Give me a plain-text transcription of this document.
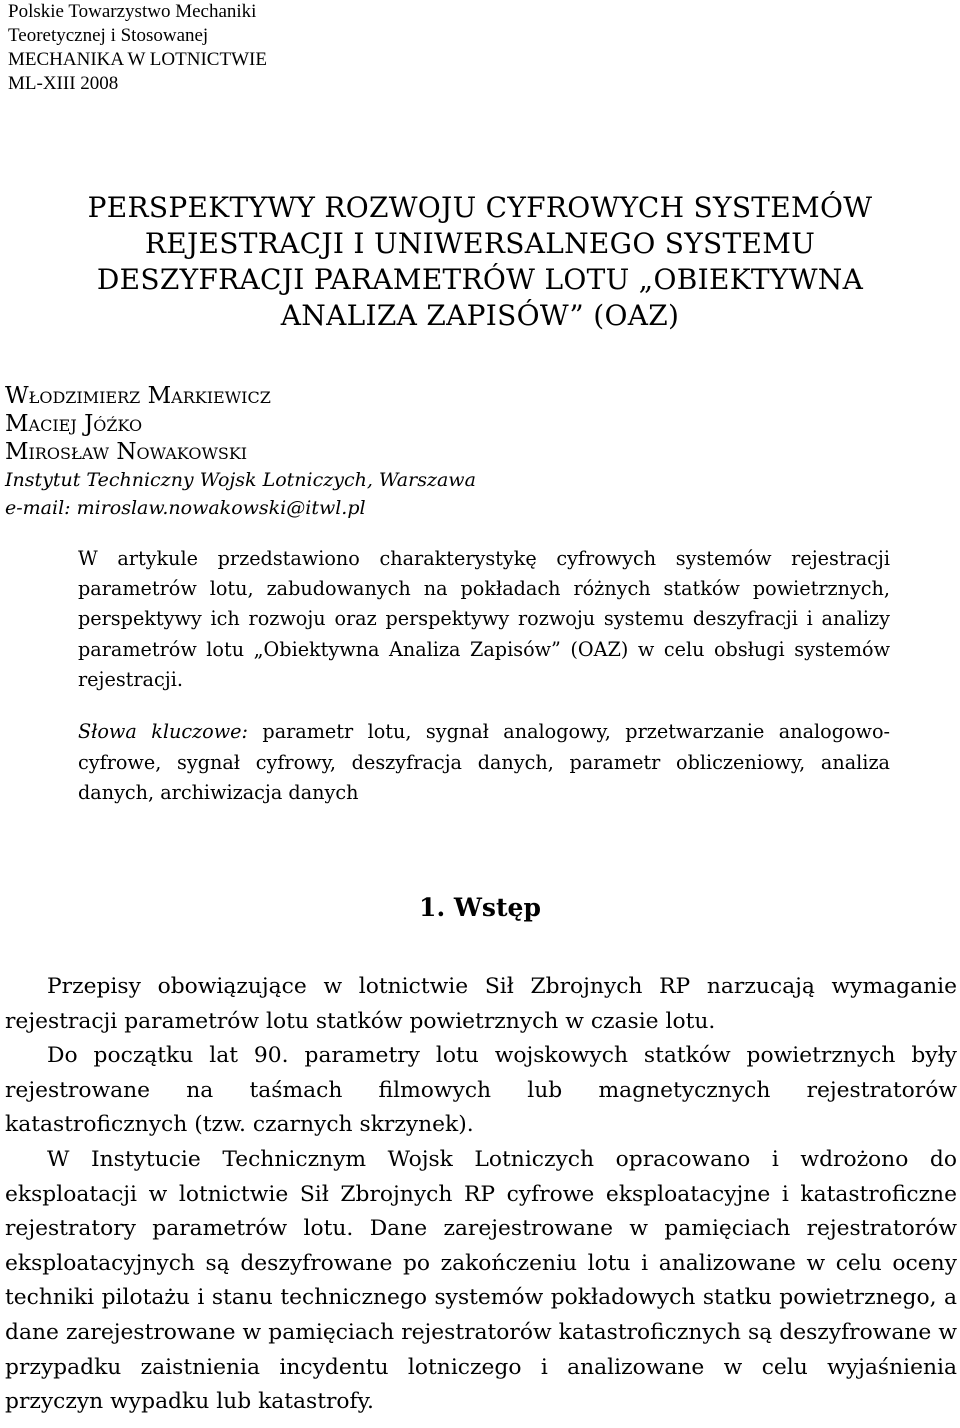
Polskie Towarzystwo Mechaniki
Teoretycznej i Stosowanej
MECHANIKA W LOTNICTWIE
ML-XIII 2008
PERSPEKTYWY ROZWOJU CYFROWYCH SYSTEMÓW
REJESTRACJI I UNIWERSALNEGO SYSTEMU
DESZYFRACJI PARAMETRÓW LOTU „OBIEKTYWNA
ANALIZA ZAPISÓW” (OAZ)
Włodzimierz Markiewicz
Maciej Jóźko
Mirosław Nowakowski
Instytut Techniczny Wojsk Lotniczych, Warszawa
e-mail: miroslaw.nowakowski@itwl.pl
W artykule przedstawiono charakterystykę cyfrowych systemów rejestracji parametrów lotu, zabudowanych na pokładach różnych statków powietrznych, perspektywy ich rozwoju oraz perspektywy rozwoju systemu deszyfracji i analizy parametrów lotu „Obiektywna Analiza Zapisów” (OAZ) w celu obsługi systemów rejestracji.
Słowa kluczowe: parametr lotu, sygnał analogowy, przetwarzanie analogowo-cyfrowe, sygnał cyfrowy, deszyfracja danych, parametr obliczeniowy, analiza danych, archiwizacja danych
1. Wstęp

Przepisy obowiązujące w lotnictwie Sił Zbrojnych RP narzucają wymaganie rejestracji parametrów lotu statków powietrznych w czasie lotu.

Do początku lat 90. parametry lotu wojskowych statków powietrznych były rejestrowane na taśmach filmowych lub magnetycznych rejestratorów katastroficznych (tzw. czarnych skrzynek).

W Instytucie Technicznym Wojsk Lotniczych opracowano i wdrożono do eksploatacji w lotnictwie Sił Zbrojnych RP cyfrowe eksploatacyjne i katastroficzne rejestratory parametrów lotu. Dane zarejestrowane w pamięciach rejestratorów eksploatacyjnych są deszyfrowane po zakończeniu lotu i analizowane w celu oceny techniki pilotażu i stanu technicznego systemów pokładowych statku powietrznego, a dane zarejestrowane w pamięciach rejestratorów katastroficznych są deszyfrowane w przypadku zaistnienia incydentu lotniczego i analizowane w celu wyjaśnienia przyczyn wypadku lub katastrofy.
